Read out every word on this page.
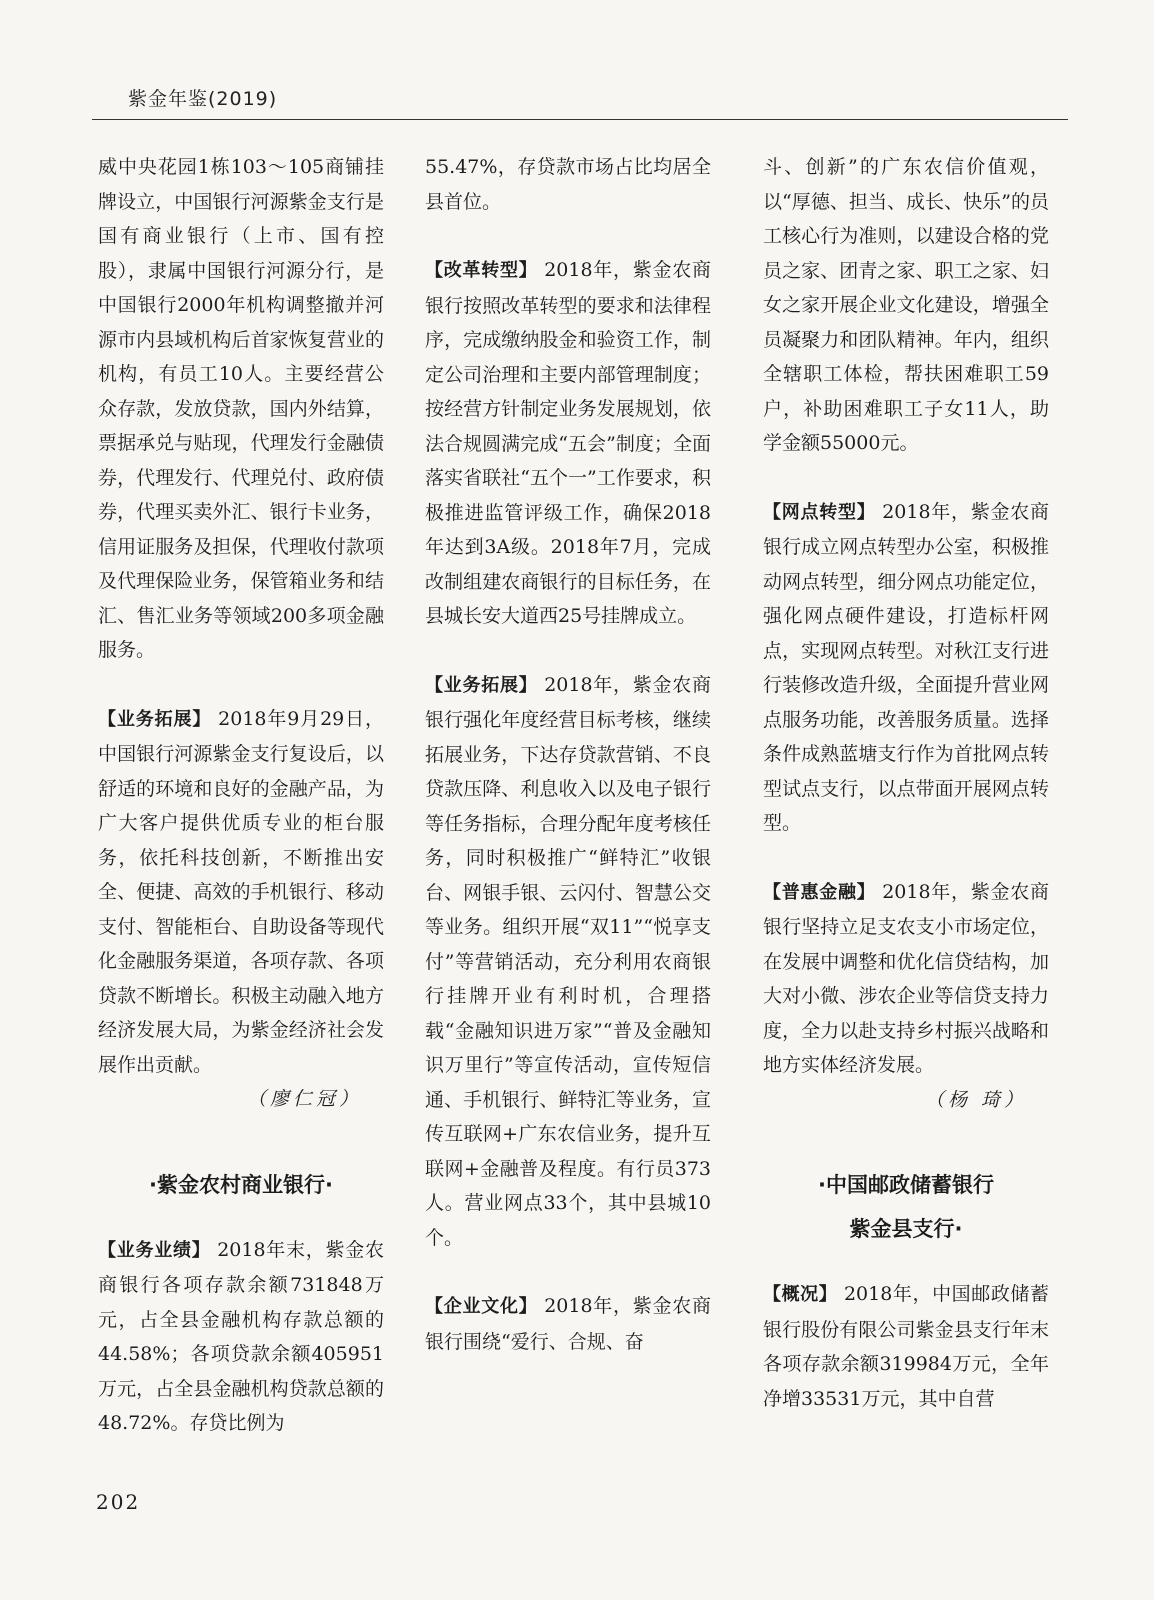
紫金年鉴(2019)

威中央花园1栋103～105商铺挂牌设立，中国银行河源紫金支行是国有商业银行（上市、国有控股），隶属中国银行河源分行，是中国银行2000年机构调整撤并河源市内县域机构后首家恢复营业的机构，有员工10人。主要经营公众存款，发放贷款，国内外结算，票据承兑与贴现，代理发行金融债券，代理发行、代理兑付、政府债券，代理买卖外汇、银行卡业务，信用证服务及担保，代理收付款项及代理保险业务，保管箱业务和结汇、售汇业务等领域200多项金融服务。

【业务拓展】 2018年9月29日，中国银行河源紫金支行复设后，以舒适的环境和良好的金融产品，为广大客户提供优质专业的柜台服务，依托科技创新，不断推出安全、便捷、高效的手机银行、移动支付、智能柜台、自助设备等现代化金融服务渠道，各项存款、各项贷款不断增长。积极主动融入地方经济发展大局，为紫金经济社会发展作出贡献。

（廖仁冠）
·紫金农村商业银行·

【业务业绩】 2018年末，紫金农商银行各项存款余额731848万元，占全县金融机构存款总额的44.58%；各项贷款余额405951万元，占全县金融机构贷款总额的48.72%。存贷比例为

55.47%，存贷款市场占比均居全县首位。

【改革转型】 2018年，紫金农商银行按照改革转型的要求和法律程序，完成缴纳股金和验资工作，制定公司治理和主要内部管理制度；按经营方针制定业务发展规划，依法合规圆满完成“五会”制度；全面落实省联社“五个一”工作要求，积极推进监管评级工作，确保2018年达到3A级。2018年7月，完成改制组建农商银行的目标任务，在县城长安大道西25号挂牌成立。

【业务拓展】 2018年，紫金农商银行强化年度经营目标考核，继续拓展业务，下达存贷款营销、不良贷款压降、利息收入以及电子银行等任务指标，合理分配年度考核任务，同时积极推广“鲜特汇”收银台、网银手银、云闪付、智慧公交等业务。组织开展“双11”“悦享支付”等营销活动，充分利用农商银行挂牌开业有利时机，合理搭载“金融知识进万家”“普及金融知识万里行”等宣传活动，宣传短信通、手机银行、鲜特汇等业务，宣传互联网+广东农信业务，提升互联网+金融普及程度。有行员373人。营业网点33个，其中县城10个。

【企业文化】 2018年，紫金农商银行围绕“爱行、合规、奋

斗、创新”的广东农信价值观，以“厚德、担当、成长、快乐”的员工核心行为准则，以建设合格的党员之家、团青之家、职工之家、妇女之家开展企业文化建设，增强全员凝聚力和团队精神。年内，组织全辖职工体检，帮扶困难职工59户，补助困难职工子女11人，助学金额55000元。

【网点转型】 2018年，紫金农商银行成立网点转型办公室，积极推动网点转型，细分网点功能定位，强化网点硬件建设，打造标杆网点，实现网点转型。对秋江支行进行装修改造升级，全面提升营业网点服务功能，改善服务质量。选择条件成熟蓝塘支行作为首批网点转型试点支行，以点带面开展网点转型。

【普惠金融】 2018年，紫金农商银行坚持立足支农支小市场定位，在发展中调整和优化信贷结构，加大对小微、涉农企业等信贷支持力度，全力以赴支持乡村振兴战略和地方实体经济发展。

（杨 琦）
·中国邮政储蓄银行
紫金县支行·

【概况】 2018年，中国邮政储蓄银行股份有限公司紫金县支行年末各项存款余额319984万元，全年净增33531万元，其中自营

202
